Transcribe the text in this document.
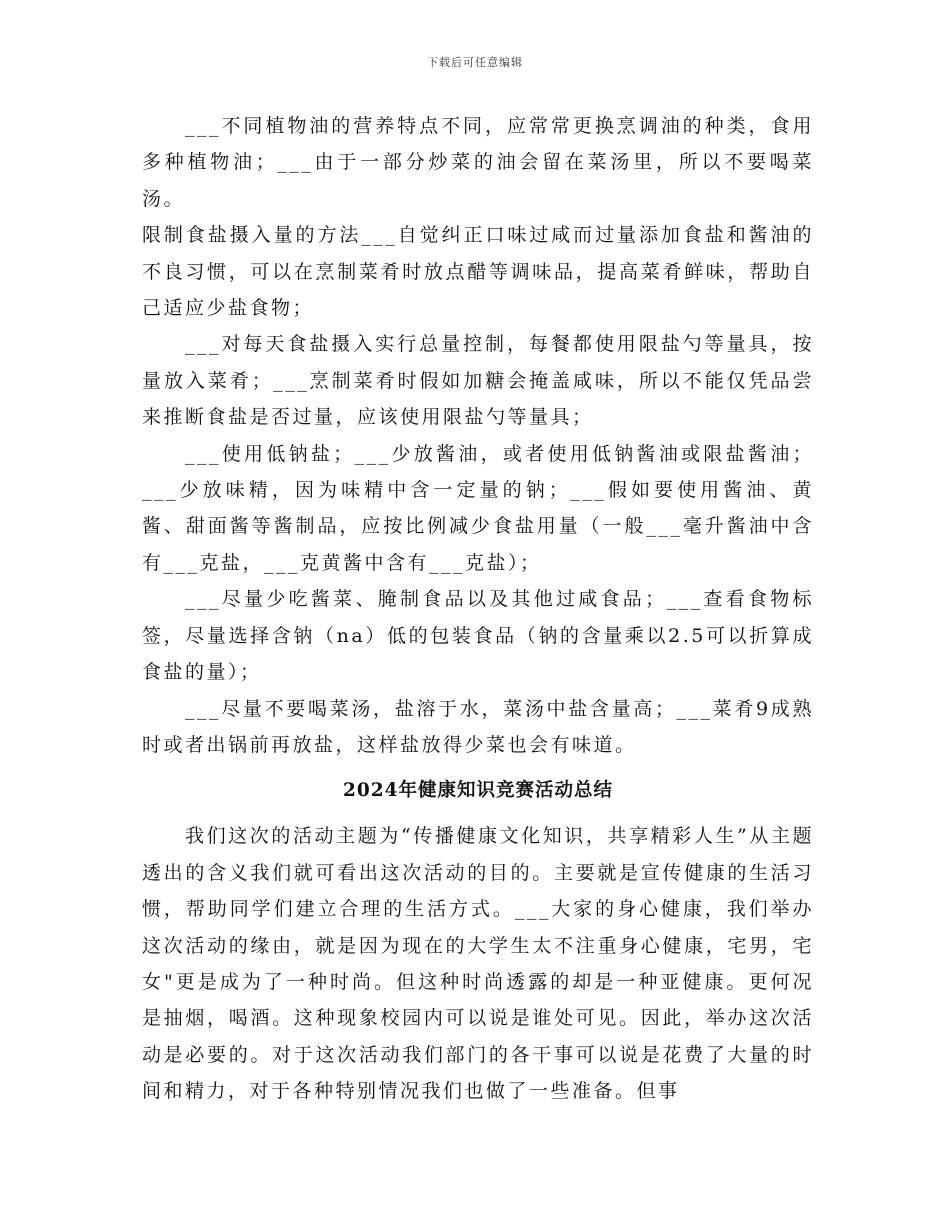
下载后可任意编辑

___不同植物油的营养特点不同，应常常更换烹调油的种类，食用多种植物油；___由于一部分炒菜的油会留在菜汤里，所以不要喝菜汤。

限制食盐摄入量的方法___自觉纠正口味过咸而过量添加食盐和酱油的不良习惯，可以在烹制菜肴时放点醋等调味品，提高菜肴鲜味，帮助自己适应少盐食物；

___对每天食盐摄入实行总量控制，每餐都使用限盐勺等量具，按量放入菜肴；___烹制菜肴时假如加糖会掩盖咸味，所以不能仅凭品尝来推断食盐是否过量，应该使用限盐勺等量具；

___使用低钠盐；___少放酱油，或者使用低钠酱油或限盐酱油；___少放味精，因为味精中含一定量的钠；___假如要使用酱油、黄酱、甜面酱等酱制品，应按比例减少食盐用量（一般___毫升酱油中含有___克盐，___克黄酱中含有___克盐）；

___尽量少吃酱菜、腌制食品以及其他过咸食品；___查看食物标签，尽量选择含钠（na）低的包装食品（钠的含量乘以2.5可以折算成食盐的量）；

___尽量不要喝菜汤，盐溶于水，菜汤中盐含量高；___菜肴9成熟时或者出锅前再放盐，这样盐放得少菜也会有味道。

2024年健康知识竞赛活动总结

我们这次的活动主题为“传播健康文化知识，共享精彩人生”从主题透出的含义我们就可看出这次活动的目的。主要就是宣传健康的生活习惯，帮助同学们建立合理的生活方式。___大家的身心健康，我们举办这次活动的缘由，就是因为现在的大学生太不注重身心健康，宅男，宅女"更是成为了一种时尚。但这种时尚透露的却是一种亚健康。更何况是抽烟，喝酒。这种现象校园内可以说是谁处可见。因此，举办这次活动是必要的。对于这次活动我们部门的各干事可以说是花费了大量的时间和精力，对于各种特别情况我们也做了一些准备。但事
